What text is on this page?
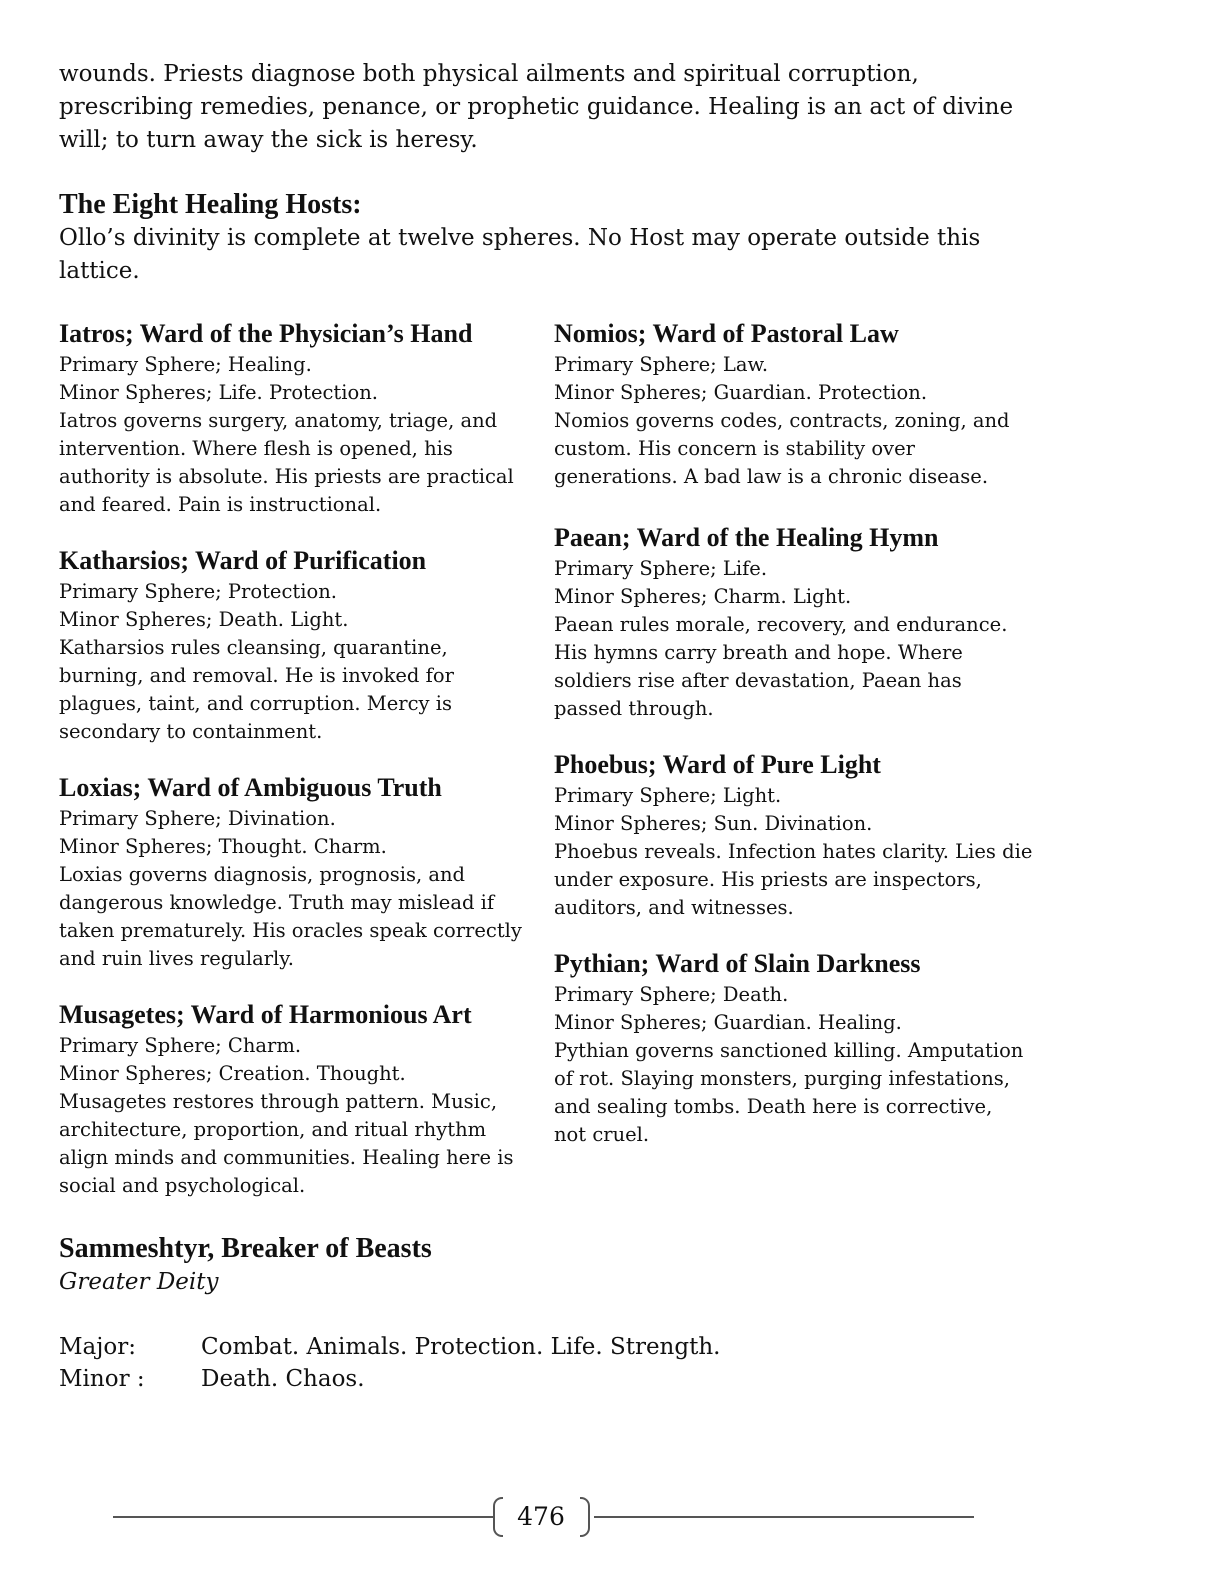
wounds. Priests diagnose both physical ailments and spiritual corruption, prescribing remedies, penance, or prophetic guidance. Healing is an act of divine will; to turn away the sick is heresy.
The Eight Healing Hosts:
Ollo’s divinity is complete at twelve spheres. No Host may operate outside this lattice.
Iatros; Ward of the Physician’s Hand
Primary Sphere; Healing.
Minor Spheres; Life. Protection.
Iatros governs surgery, anatomy, triage, and intervention. Where flesh is opened, his authority is absolute. His priests are practical and feared. Pain is instructional.
Katharsios; Ward of Purification
Primary Sphere; Protection.
Minor Spheres; Death. Light.
Katharsios rules cleansing, quarantine, burning, and removal. He is invoked for plagues, taint, and corruption. Mercy is secondary to containment.
Loxias; Ward of Ambiguous Truth
Primary Sphere; Divination.
Minor Spheres; Thought. Charm.
Loxias governs diagnosis, prognosis, and dangerous knowledge. Truth may mislead if taken prematurely. His oracles speak correctly and ruin lives regularly.
Musagetes; Ward of Harmonious Art
Primary Sphere; Charm.
Minor Spheres; Creation. Thought.
Musagetes restores through pattern. Music, architecture, proportion, and ritual rhythm align minds and communities. Healing here is social and psychological.
Nomios; Ward of Pastoral Law
Primary Sphere; Law.
Minor Spheres; Guardian. Protection.
Nomios governs codes, contracts, zoning, and custom. His concern is stability over generations. A bad law is a chronic disease.
Paean; Ward of the Healing Hymn
Primary Sphere; Life.
Minor Spheres; Charm. Light.
Paean rules morale, recovery, and endurance. His hymns carry breath and hope. Where soldiers rise after devastation, Paean has passed through.
Phoebus; Ward of Pure Light
Primary Sphere; Light.
Minor Spheres; Sun. Divination.
Phoebus reveals. Infection hates clarity. Lies die under exposure. His priests are inspectors, auditors, and witnesses.
Pythian; Ward of Slain Darkness
Primary Sphere; Death.
Minor Spheres; Guardian. Healing.
Pythian governs sanctioned killing. Amputation of rot. Slaying monsters, purging infestations, and sealing tombs. Death here is corrective, not cruel.
Sammeshtyr, Breaker of Beasts
Greater Deity
Major:	Combat. Animals. Protection. Life. Strength.
Minor : Death. Chaos.
476
